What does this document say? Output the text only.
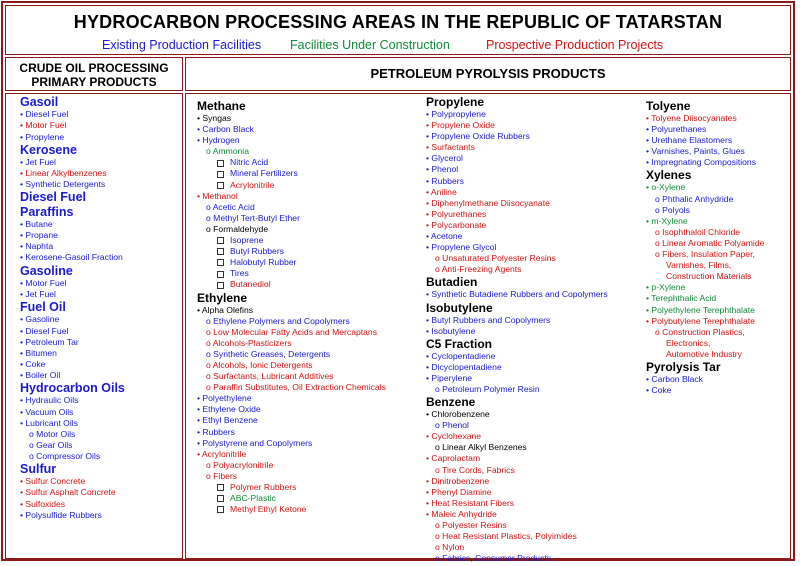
HYDROCARBON PROCESSING AREAS IN THE REPUBLIC OF TATARSTAN
Existing Production Facilities Facilities Under Construction	Prospective Production Projects
CRUDE OIL PROCESSING
PRIMARY PRODUCTS
PETROLEUM PYROLYSIS PRODUCTS
Gasoil
• Diesel Fuel
• Motor Fuel
• Propylene
Kerosene
• Jet Fuel
• Linear Alkylbenzenes
• Synthetic Detergents
Diesel Fuel
Paraffins
• Butane
• Propane
• Naphta
• Kerosene-Gasoil Fraction
Gasoline
• Motor Fuel
• Jet Fuel
Fuel Oil
• Gasoline
• Diesel Fuel
• Petroleum Tar
• Bitumen
• Coke
• Boiler Oil
Hydrocarbon Oils
• Hydraulic Oils
• Vacuum Oils
• Lubricant Oils
o Motor Oils
o Gear Oils
o Compressor Oils
Sulfur
• Sulfur Concrete
• Sulfur Asphalt Concrete
• Sulfoxides
• Polysulfide Rubbers
Methane
• Syngas
• Carbon Black
• Hydrogen
o Ammonia
Nitric Acid
Mineral Fertilizers
Acrylonitrile
• Methanol
o Acetic Acid
o Methyl Tert-Butyl Ether
o Formaldehyde
Isoprene
Butyl Rubbers
Halobutyl Rubber
Tires
Butanediol
Ethylene
• Alpha Olefins
o Ethylene Polymers and Copolymers
o Low Molecular Fatty Acids and Mercaptans
o Alcohols-Plasticizers
o Synthetic Greases, Detergents
o Alcohols, Ionic Detergents
o Surfactants, Lubricant Additives
o Paraffin Substitutes, Oil Extraction Chemicals
• Polyethylene
• Ethylene Oxide
• Ethyl Benzene
• Rubbers
• Polystyrene and Copolymers
• Acrylonitrile
o Polyacrylonitrile
o Fibers
Polymer Rubbers
ABC-Plastic
Methyl Ethyl Ketone
Propylene
• Polypropylene
• Propylene Oxide
• Propylene Oxide Rubbers
• Surfactants
• Glycerol
• Phenol
• Rubbers
• Aniline
• Diphenylmethane Diisocyanate
• Polyurethanes
• Polycarbonate
• Acetone
• Propylene Glycol
o Unsaturated Polyester Resins
o Anti-Freezing Agents
Butadien
• Synthetic Butadiene Rubbers and Copolymers
Isobutylene
• Butyl Rubbers and Copolymers
• Isobutylene
C5 Fraction
• Cyclopentadiene
• Dicyclopentadiene
• Piperylene
o Petroleum Polymer Resin
Benzene
• Chlorobenzene
o Phenol
• Cyclohexane
o Linear Alkyl Benzenes
• Caprolactam
o Tire Cords, Fabrics
• Dinitrobenzene
• Phenyl Diamine
• Heat Resistant Fibers
• Maleic Anhydride
o Polyester Resins
o Heat Resistant Plastics, Polyimides
o Nylon
o Fabrics, Consumer Products
Tolyene
• Tolyene Diisocyanates
• Polyurethanes
• Urethane Elastomers
• Varnishes, Paints, Glues
• Impregnating Compositions
Xylenes
• o-Xylene
o Phthalic Anhydride
o Polyols
• m-Xylene
o Isophthaloil Chloride
o Linear Aromatic Polyamide
o Fibers, Insulation Paper,
Varnishes, Films,
Construction Materials
• p-Xylene
• Terephthalic Acid
• Polyethylene Terephthalate
• Polybutylene Terephthalate
o Construction Plastics,
Electronics,
Automotive Industry
Pyrolysis Tar
• Carbon Black
• Coke
